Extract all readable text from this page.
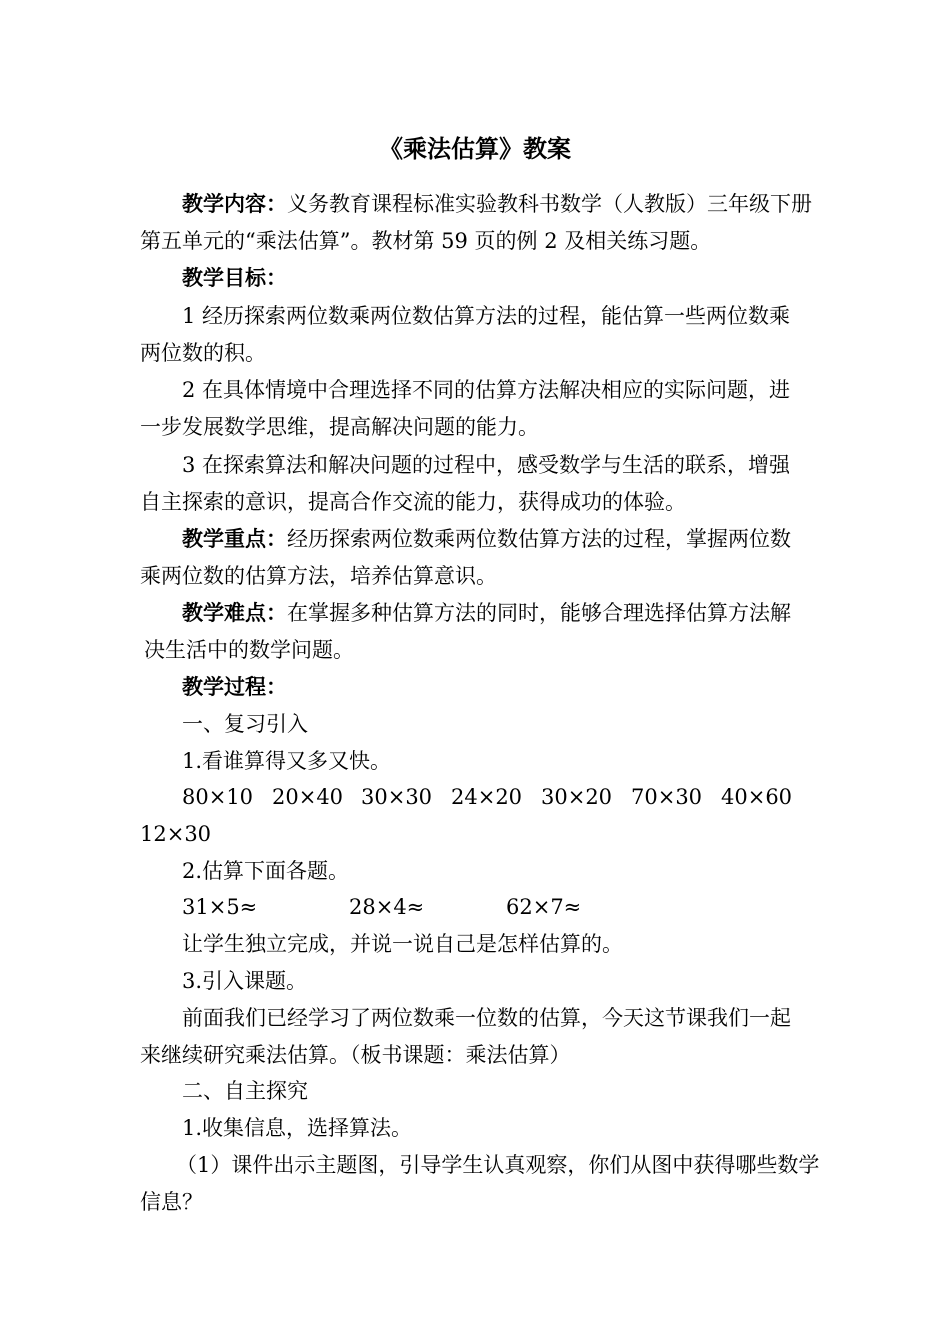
《乘法估算》教案
教学内容：义务教育课程标准实验教科书数学（人教版）三年级下册
第五单元的“乘法估算”。教材第 59 页的例 2 及相关练习题。
教学目标：
1 经历探索两位数乘两位数估算方法的过程，能估算一些两位数乘
两位数的积。
2 在具体情境中合理选择不同的估算方法解决相应的实际问题，进
一步发展数学思维，提高解决问题的能力。
3 在探索算法和解决问题的过程中，感受数学与生活的联系，增强
自主探索的意识，提高合作交流的能力，获得成功的体验。
教学重点：经历探索两位数乘两位数估算方法的过程，掌握两位数
乘两位数的估算方法，培养估算意识。
教学难点：在掌握多种估算方法的同时，能够合理选择估算方法解
决生活中的数学问题。
教学过程：
一、复习引入
1.看谁算得又多又快。
80×10 20×40 30×30 24×20 30×20 70×30 40×60
12×30
2.估算下面各题。
31×5≈	28×4≈	62×7≈
让学生独立完成，并说一说自己是怎样估算的。
3.引入课题。
前面我们已经学习了两位数乘一位数的估算，今天这节课我们一起
来继续研究乘法估算。（板书课题：乘法估算）
二、自主探究
1.收集信息，选择算法。
（1）课件出示主题图，引导学生认真观察，你们从图中获得哪些数学
信息？
